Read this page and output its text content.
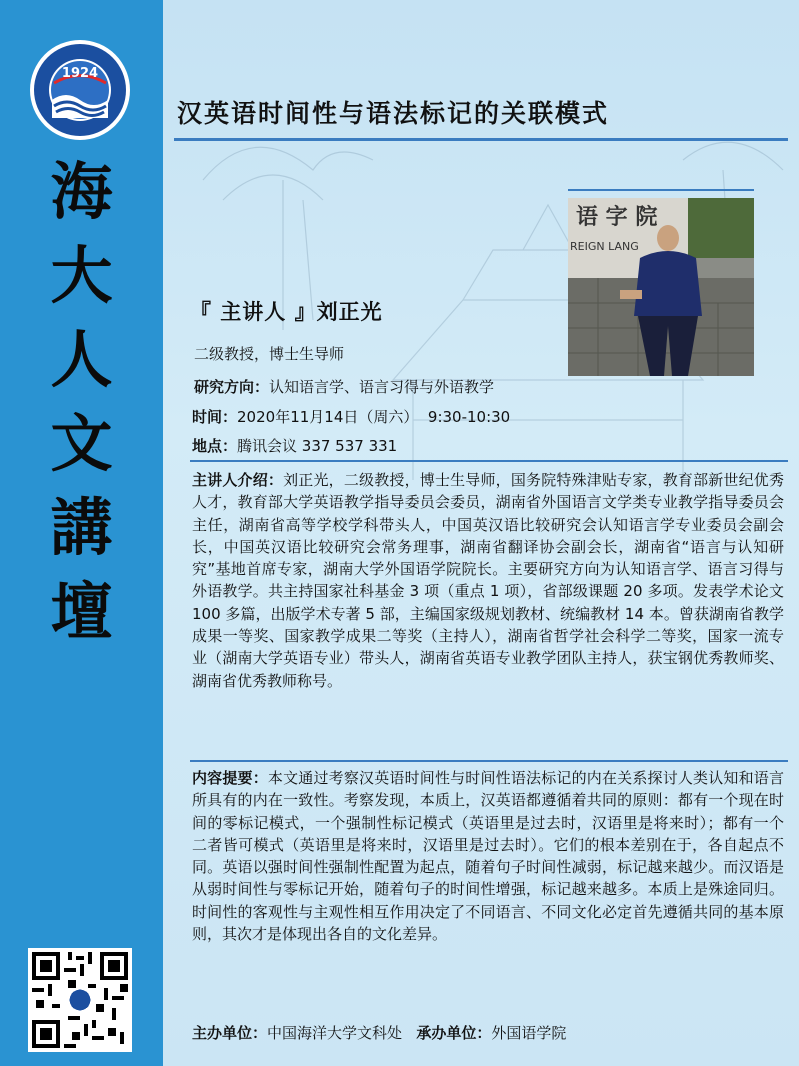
1924
海
大
人
文
講
壇
汉英语时间性与语法标记的关联模式
语 字 院
REIGN LANG
『 主讲人 』刘正光
二级教授，博士生导师
研究方向：认知语言学、语言习得与外语教学
时间：2020年11月14日（周六）  9:30-10:30
地点：腾讯会议 337 537 331
主讲人介绍：刘正光，二级教授，博士生导师，国务院特殊津贴专家，教育部新世纪优秀人才，教育部大学英语教学指导委员会委员，湖南省外国语言文学类专业教学指导委员会主任，湖南省高等学校学科带头人，中国英汉语比较研究会认知语言学专业委员会副会长，中国英汉语比较研究会常务理事，湖南省翻译协会副会长，湖南省“语言与认知研究”基地首席专家，湖南大学外国语学院院长。主要研究方向为认知语言学、语言习得与外语教学。共主持国家社科基金 3 项（重点 1 项），省部级课题 20 多项。发表学术论文 100 多篇，出版学术专著 5 部，主编国家级规划教材、统编教材 14 本。曾获湖南省教学成果一等奖、国家教学成果二等奖（主持人），湖南省哲学社会科学二等奖，国家一流专业（湖南大学英语专业）带头人，湖南省英语专业教学团队主持人，获宝钢优秀教师奖、湖南省优秀教师称号。
内容提要：本文通过考察汉英语时间性与时间性语法标记的内在关系探讨人类认知和语言所具有的内在一致性。考察发现，本质上，汉英语都遵循着共同的原则：都有一个现在时间的零标记模式，一个强制性标记模式（英语里是过去时，汉语里是将来时）；都有一个二者皆可模式（英语里是将来时，汉语里是过去时）。它们的根本差别在于，各自起点不同。英语以强时间性强制性配置为起点，随着句子时间性减弱，标记越来越少。而汉语是从弱时间性与零标记开始，随着句子的时间性增强，标记越来越多。本质上是殊途同归。时间性的客观性与主观性相互作用决定了不同语言、不同文化必定首先遵循共同的基本原则，其次才是体现出各自的文化差异。
主办单位：中国海洋大学文科处 承办单位：外国语学院
